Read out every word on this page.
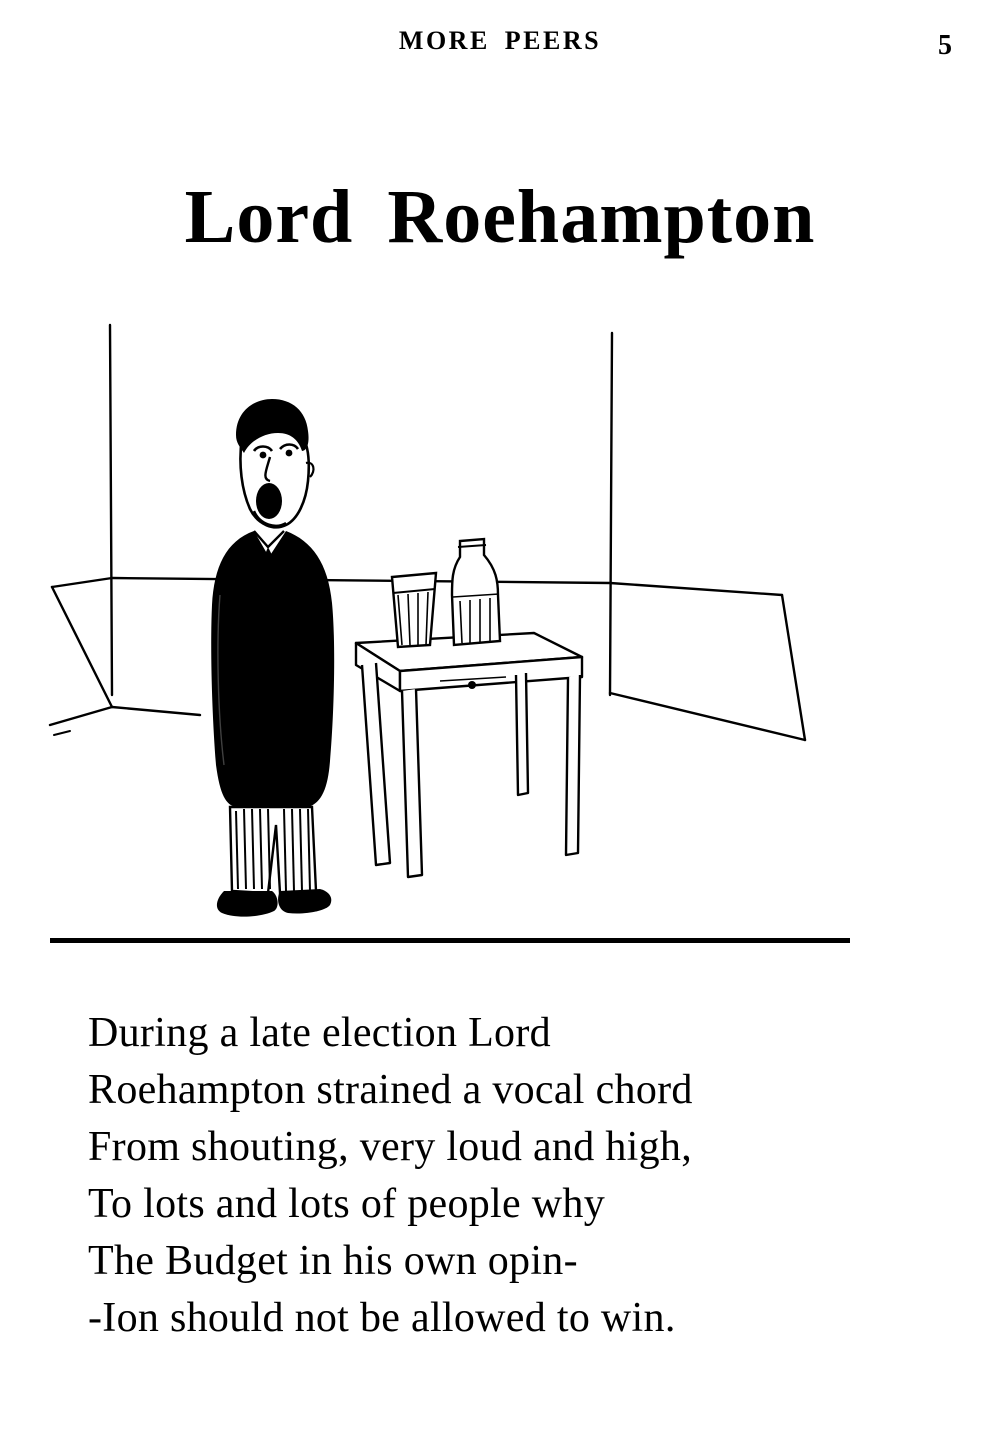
MORE PEERS	5
Lord Roehampton
During a late election Lord
Roehampton strained a vocal chord
From shouting, very loud and high,
To lots and lots of people why
The Budget in his own opin-
-Ion should not be allowed to win.
